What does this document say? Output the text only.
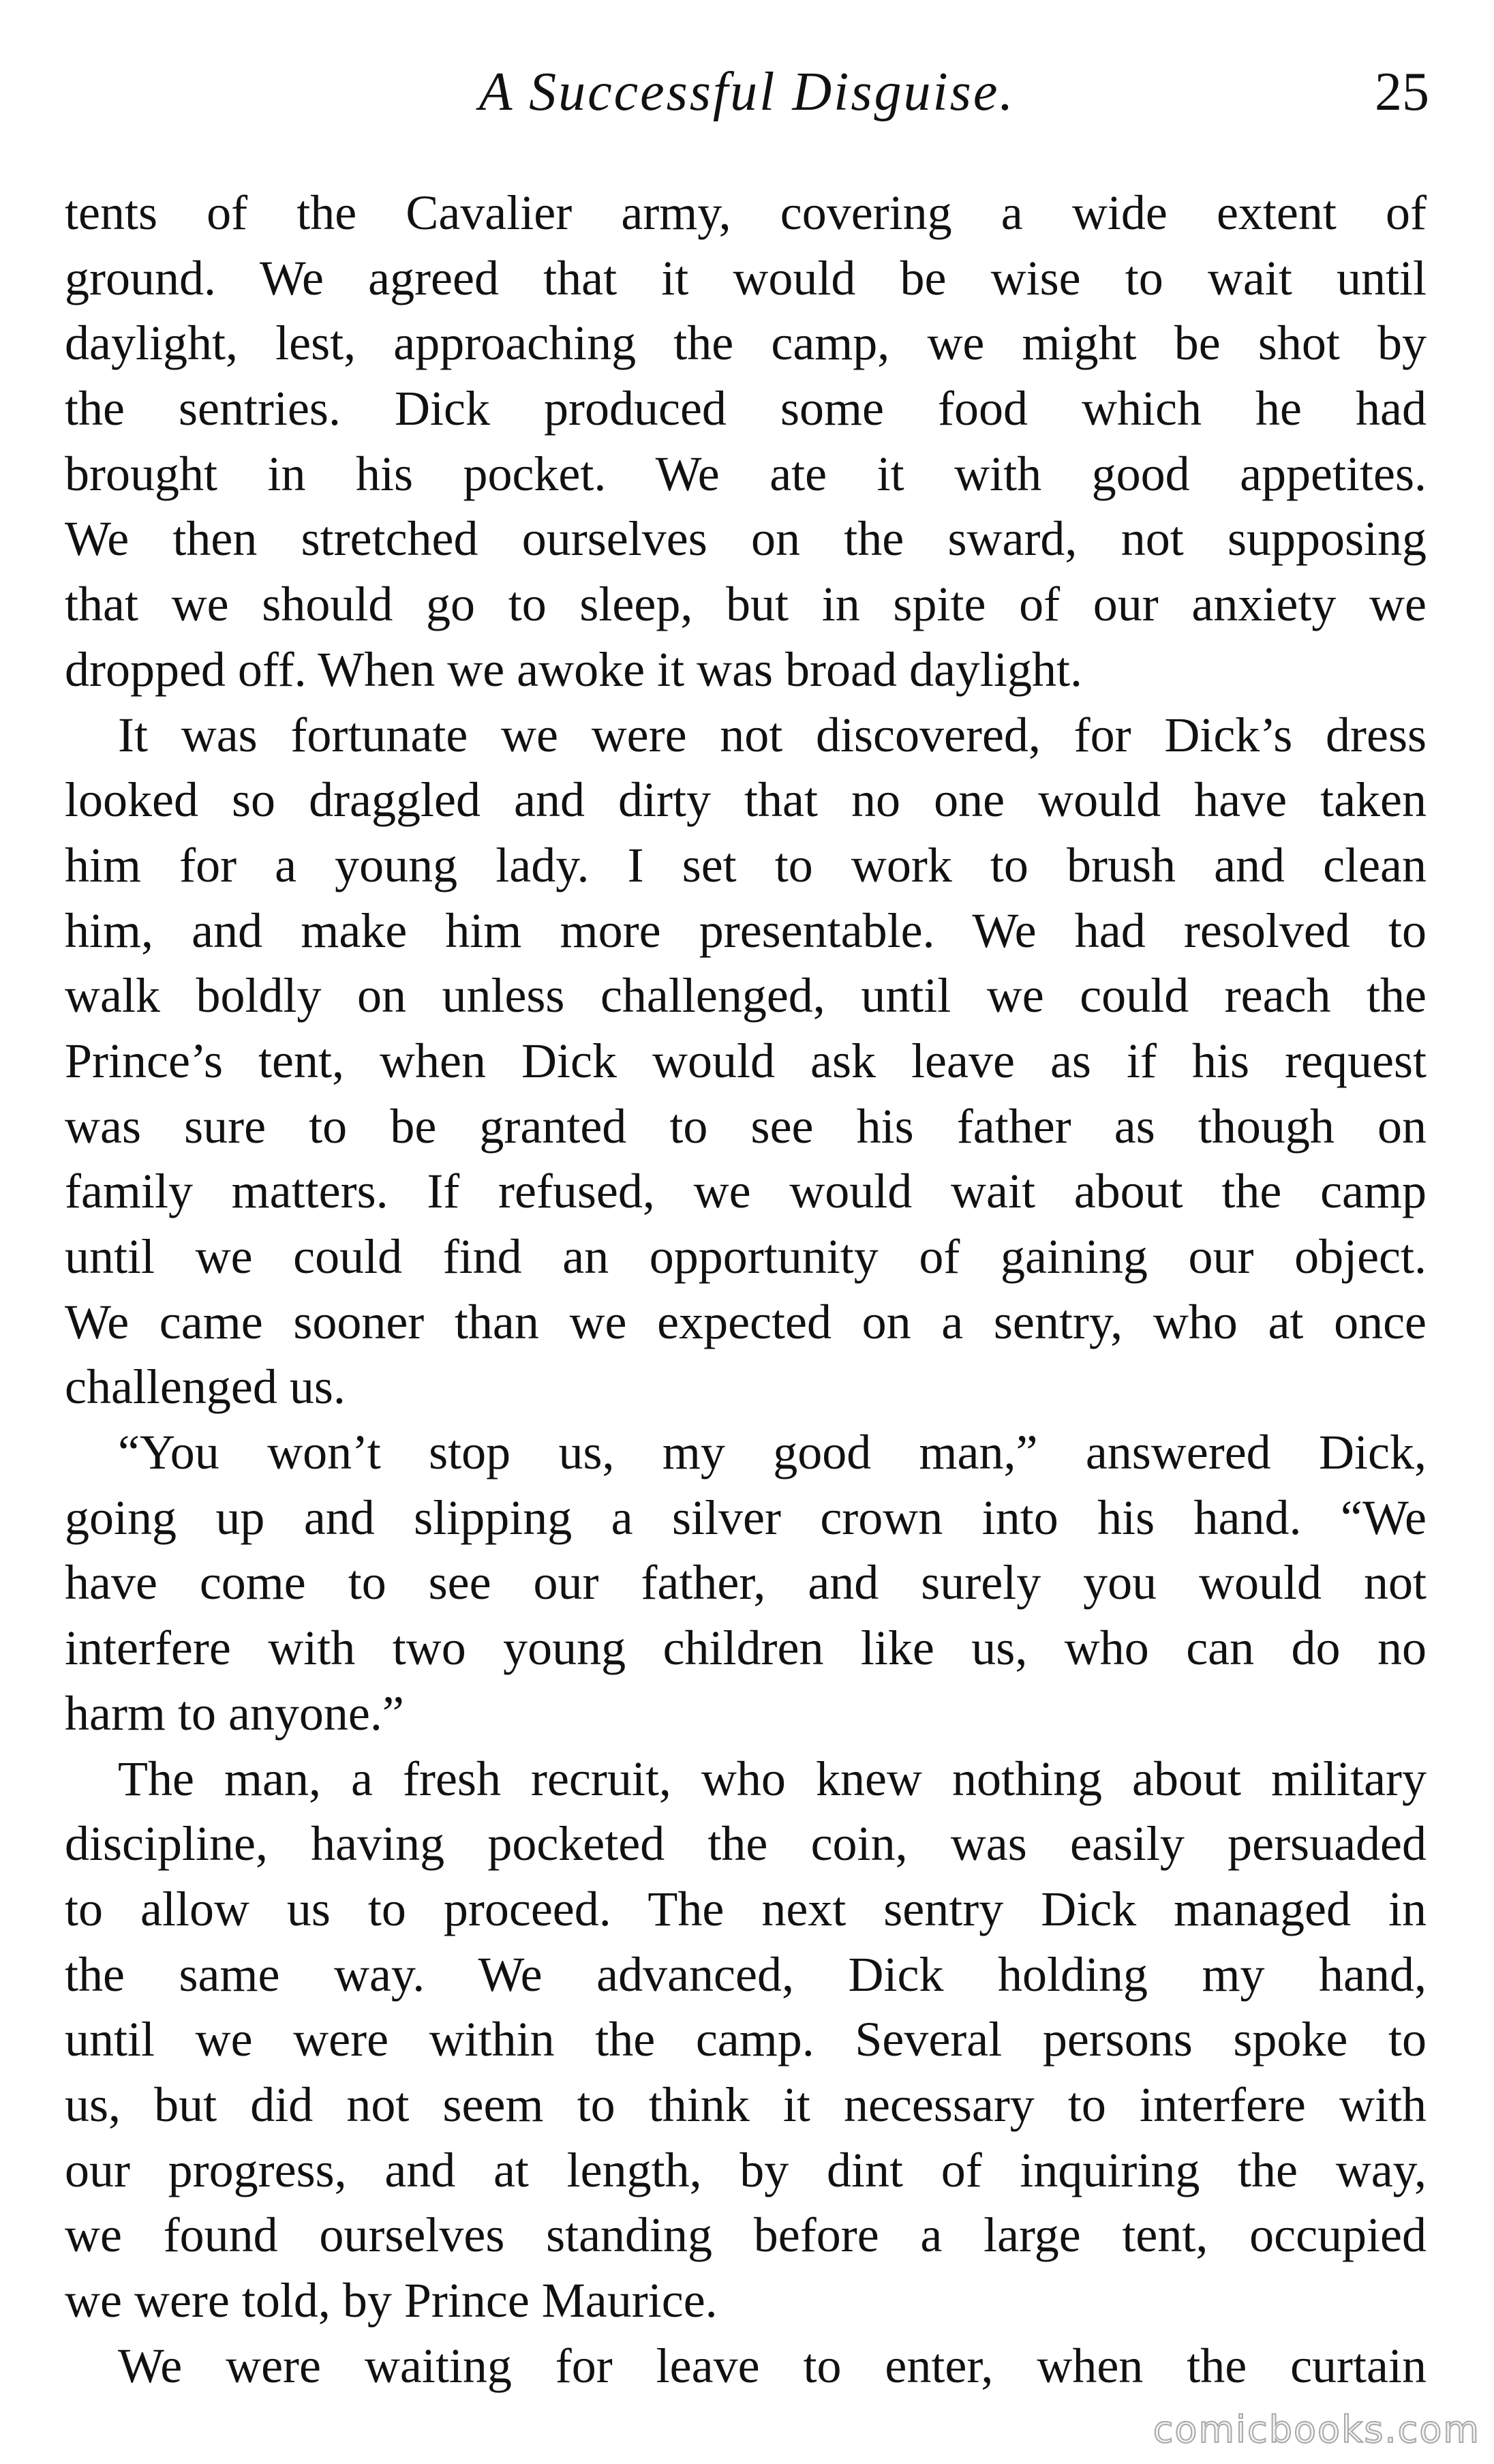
A Successful Disguise.	25
tents of the Cavalier army, covering a wide extent of
ground. We agreed that it would be wise to wait until
daylight, lest, approaching the camp, we might be shot by
the sentries. Dick produced some food which he had
brought in his pocket. We ate it with good appetites.
We then stretched ourselves on the sward, not supposing
that we should go to sleep, but in spite of our anxiety we
dropped off. When we awoke it was broad daylight.
It was fortunate we were not discovered, for Dick’s dress
looked so draggled and dirty that no one would have taken
him for a young lady. I set to work to brush and clean
him, and make him more presentable. We had resolved to
walk boldly on unless challenged, until we could reach the
Prince’s tent, when Dick would ask leave as if his request
was sure to be granted to see his father as though on
family matters. If refused, we would wait about the camp
until we could find an opportunity of gaining our object.
We came sooner than we expected on a sentry, who at once
challenged us.
“You won’t stop us, my good man,” answered Dick,
going up and slipping a silver crown into his hand. “We
have come to see our father, and surely you would not
interfere with two young children like us, who can do no
harm to anyone.”
The man, a fresh recruit, who knew nothing about military
discipline, having pocketed the coin, was easily persuaded
to allow us to proceed. The next sentry Dick managed in
the same way. We advanced, Dick holding my hand,
until we were within the camp. Several persons spoke to
us, but did not seem to think it necessary to interfere with
our progress, and at length, by dint of inquiring the way,
we found ourselves standing before a large tent, occupied
we were told, by Prince Maurice.
We were waiting for leave to enter, when the curtain
comicbooks.com
